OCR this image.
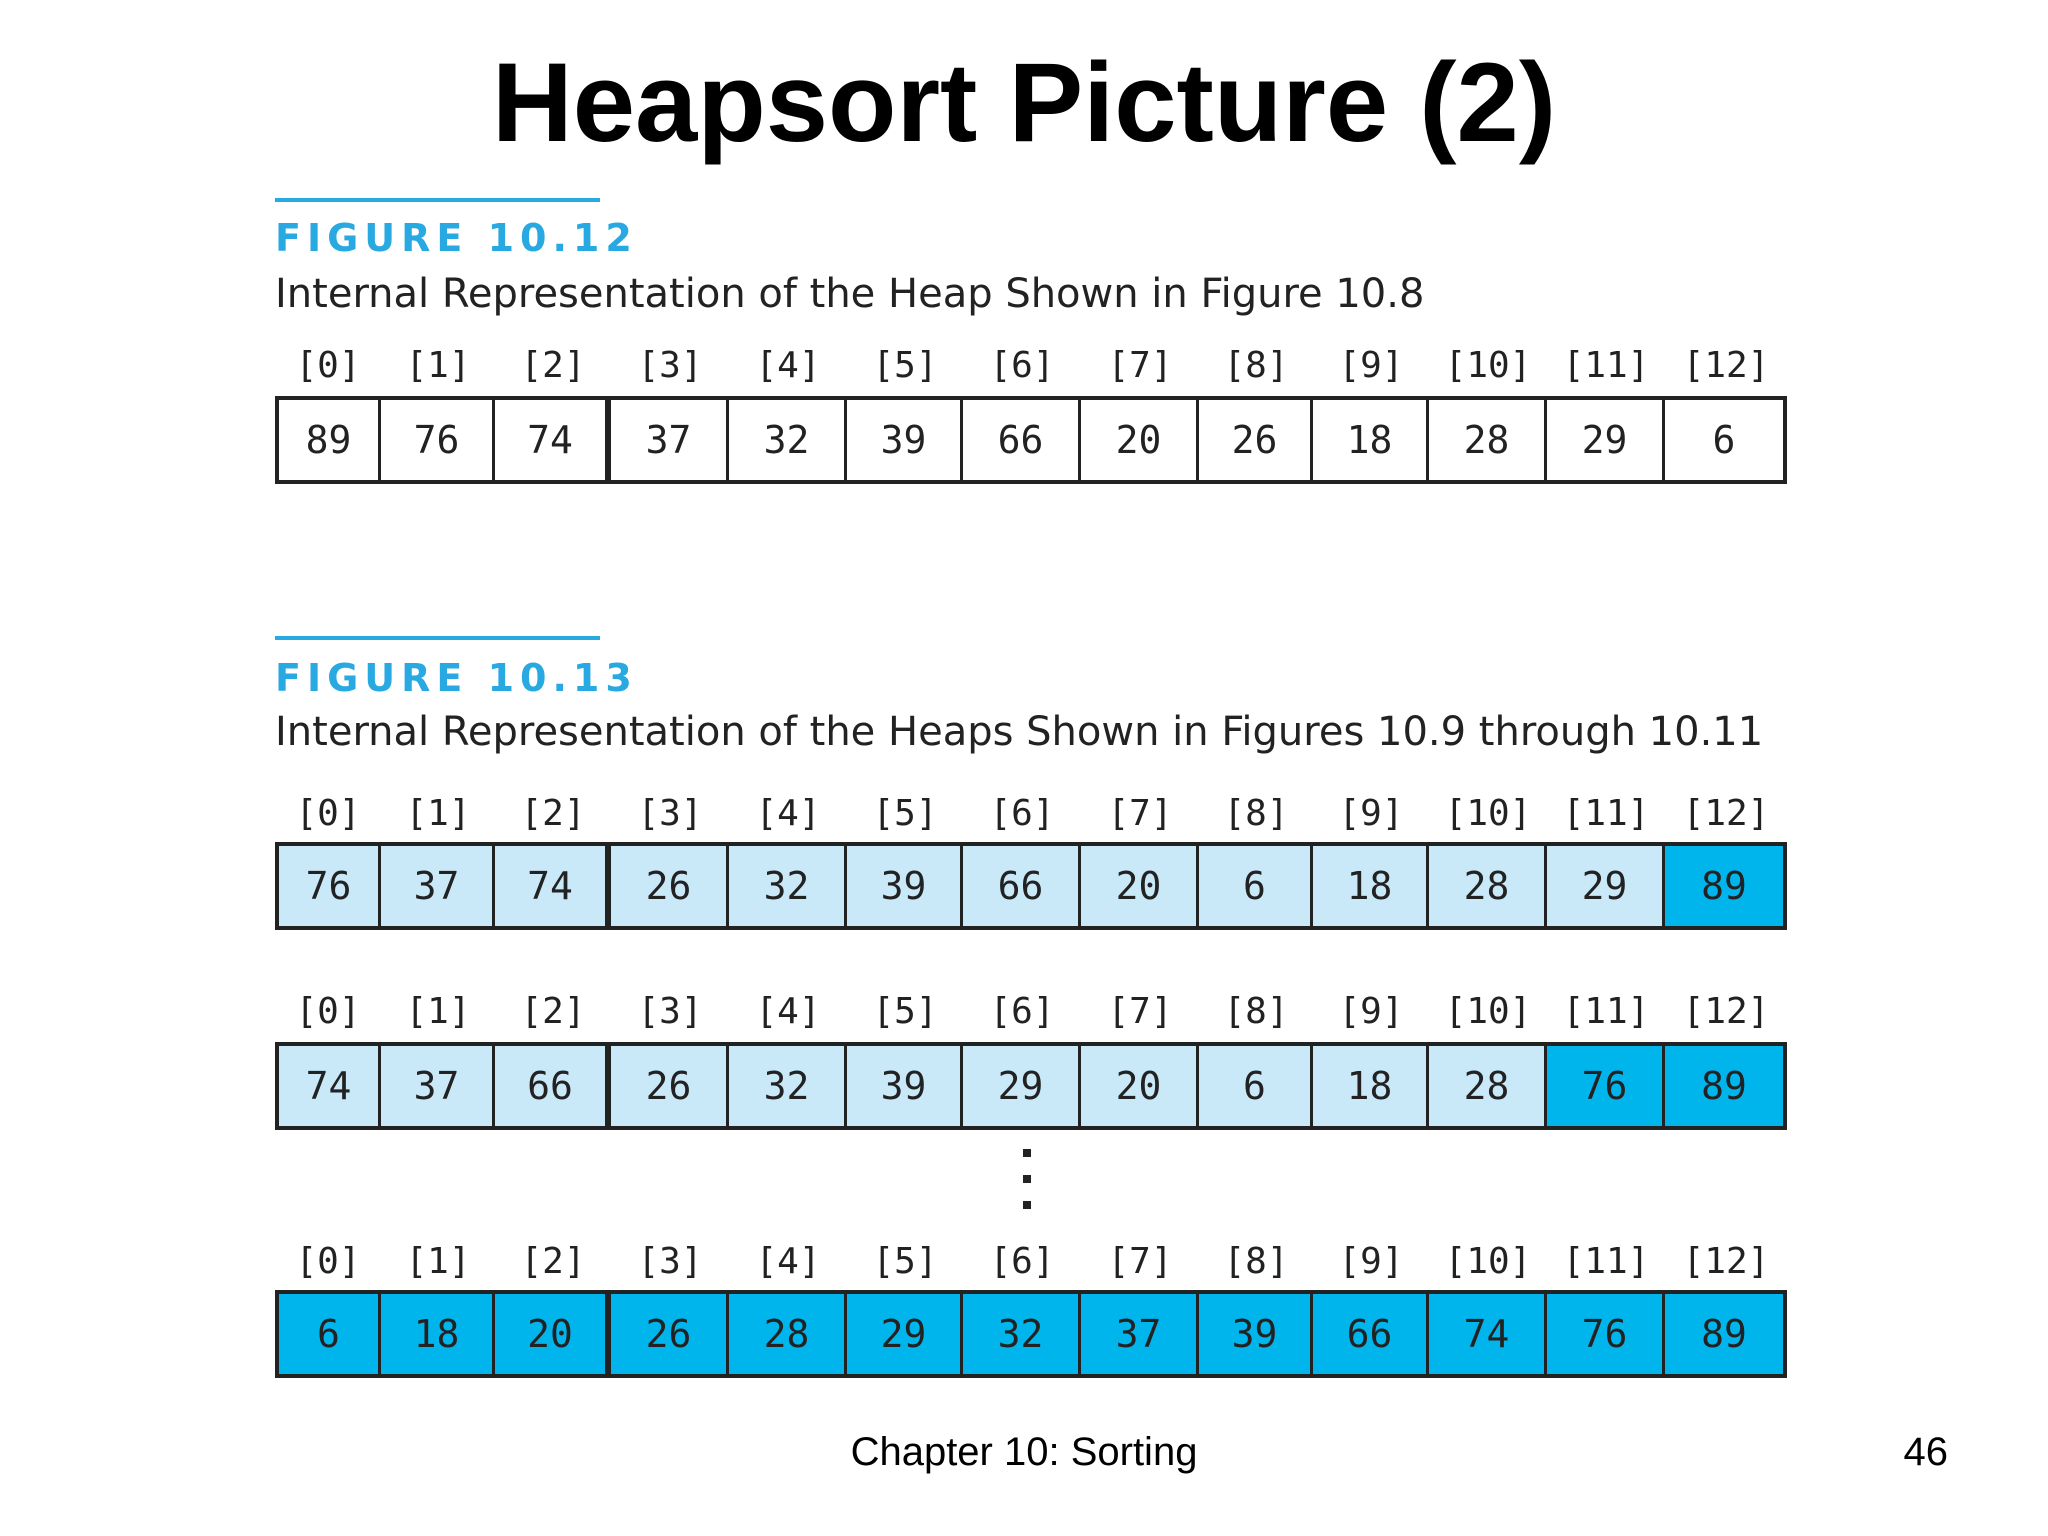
Heapsort Picture (2)
FIGURE 10.12
Internal Representation of the Heap Shown in Figure 10.8
[0]	[1]	[2]	[3]	[4]	[5]	[6]	[7]	[8]	[9]	[10] [11] [12]
89	76	74	37	32	39	66	20	26	18	28	29	6
FIGURE 10.13
Internal Representation of the Heaps Shown in Figures 10.9 through 10.11
[0]	[1]	[2]	[3]	[4]	[5]	[6]	[7]	[8]	[9]	[10] [11] [12]
76	37	74	26	32	39	66	20	6	18	28	29	89
[0]	[1]	[2]	[3]	[4]	[5]	[6]	[7]	[8]	[9]	[10] [11] [12]
74	37	66	26	32	39	29	20	6	18	28	76	89
[0]	[1]	[2]	[3]	[4]	[5]	[6]	[7]	[8]	[9]	[10] [11] [12]
6	18	20	26	28	29	32	37	39	66	74	76	89
Chapter 10: Sorting	46
